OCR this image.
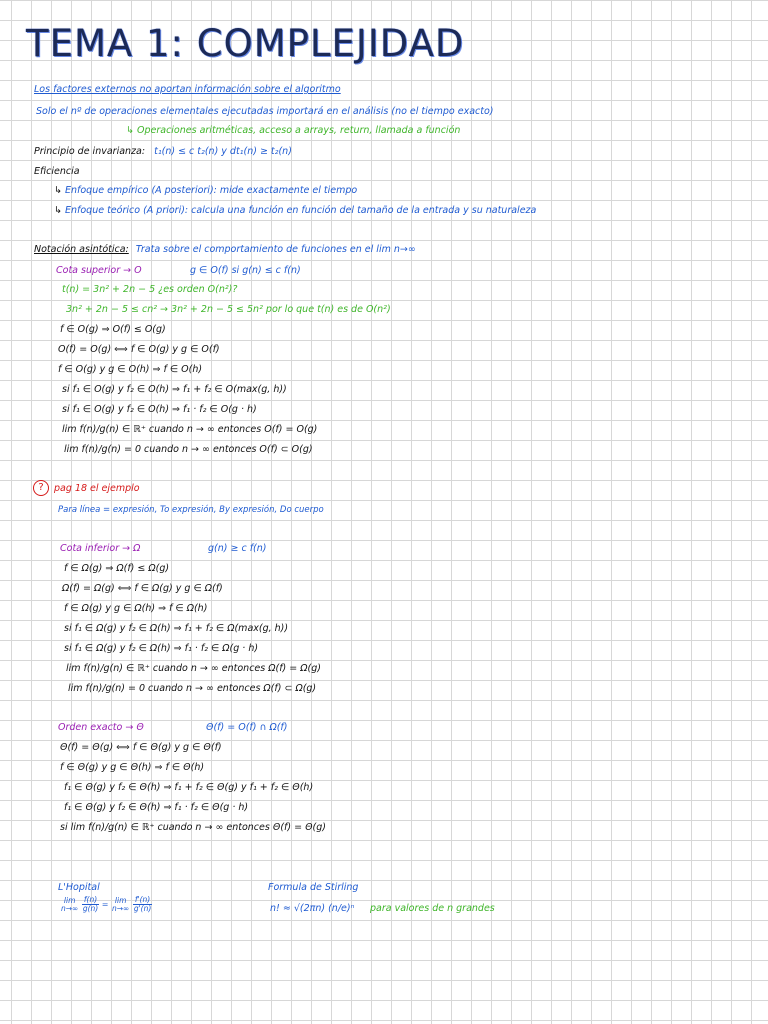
TEMA 1: COMPLEJIDAD
Los factores externos no aportan información sobre el algoritmo
Solo el nº de operaciones elementales ejecutadas importará en el análisis (no el tiempo exacto)
↳ Operaciones aritméticas, acceso a arrays, return, llamada a función
Principio de invarianza: t₁(n) ≤ c t₂(n) y dt₁(n) ≥ t₂(n)
Eficiencia
↳ Enfoque empírico (A posteriori): mide exactamente el tiempo
↳ Enfoque teórico (A priori): calcula una función en función del tamaño de la entrada y su naturaleza
Notación asintótica: Trata sobre el comportamiento de funciones en el lim n→∞
Cota superior → O	g ∈ O(f) si g(n) ≤ c f(n)
t(n) = 3n² + 2n − 5 ¿es orden O(n²)?
3n² + 2n − 5 ≤ cn² → 3n² + 2n − 5 ≤ 5n² por lo que t(n) es de O(n²)
f ∈ O(g) ⇒ O(f) ≤ O(g)
O(f) = O(g) ⟺ f ∈ O(g) y g ∈ O(f)
f ∈ O(g) y g ∈ O(h) ⇒ f ∈ O(h)
si f₁ ∈ O(g) y f₂ ∈ O(h) ⇒ f₁ + f₂ ∈ O(max(g, h))
si f₁ ∈ O(g) y f₂ ∈ O(h) ⇒ f₁ · f₂ ∈ O(g · h)
lim f(n)/g(n) ∈ ℝ⁺ cuando n → ∞ entonces O(f) = O(g)
lim f(n)/g(n) = 0 cuando n → ∞ entonces O(f) ⊂ O(g)
?	pag 18 el ejemplo
Para línea = expresión, To expresión, By expresión, Do cuerpo
Cota inferior → Ω	g(n) ≥ c f(n)
f ∈ Ω(g) ⇒ Ω(f) ≤ Ω(g)
Ω(f) = Ω(g) ⟺ f ∈ Ω(g) y g ∈ Ω(f)
f ∈ Ω(g) y g ∈ Ω(h) ⇒ f ∈ Ω(h)
si f₁ ∈ Ω(g) y f₂ ∈ Ω(h) ⇒ f₁ + f₂ ∈ Ω(max(g, h))
si f₁ ∈ Ω(g) y f₂ ∈ Ω(h) ⇒ f₁ · f₂ ∈ Ω(g · h)
lim f(n)/g(n) ∈ ℝ⁺ cuando n → ∞ entonces Ω(f) = Ω(g)
lim f(n)/g(n) = 0 cuando n → ∞ entonces Ω(f) ⊂ Ω(g)
Orden exacto → Θ	Θ(f) = O(f) ∩ Ω(f)
Θ(f) = Θ(g) ⟺ f ∈ Θ(g) y g ∈ Θ(f)
f ∈ Θ(g) y g ∈ Θ(h) ⇒ f ∈ Θ(h)
f₁ ∈ Θ(g) y f₂ ∈ Θ(h) ⇒ f₁ + f₂ ∈ Θ(g) y f₁ + f₂ ∈ Θ(h)
f₁ ∈ Θ(g) y f₂ ∈ Θ(h) ⇒ f₁ · f₂ ∈ Θ(g · h)
si lim f(n)/g(n) ∈ ℝ⁺ cuando n → ∞ entonces Θ(f) = Θ(g)
L'Hopital
lim
n→∞
$\frac{f(n)}{g(n)} = \lim$
n→∞
$\frac{f'(n)}{g'(n)}$
Formula de Stirling
n! ≈ √(2πn) (n/e)ⁿ para valores de n grandes
